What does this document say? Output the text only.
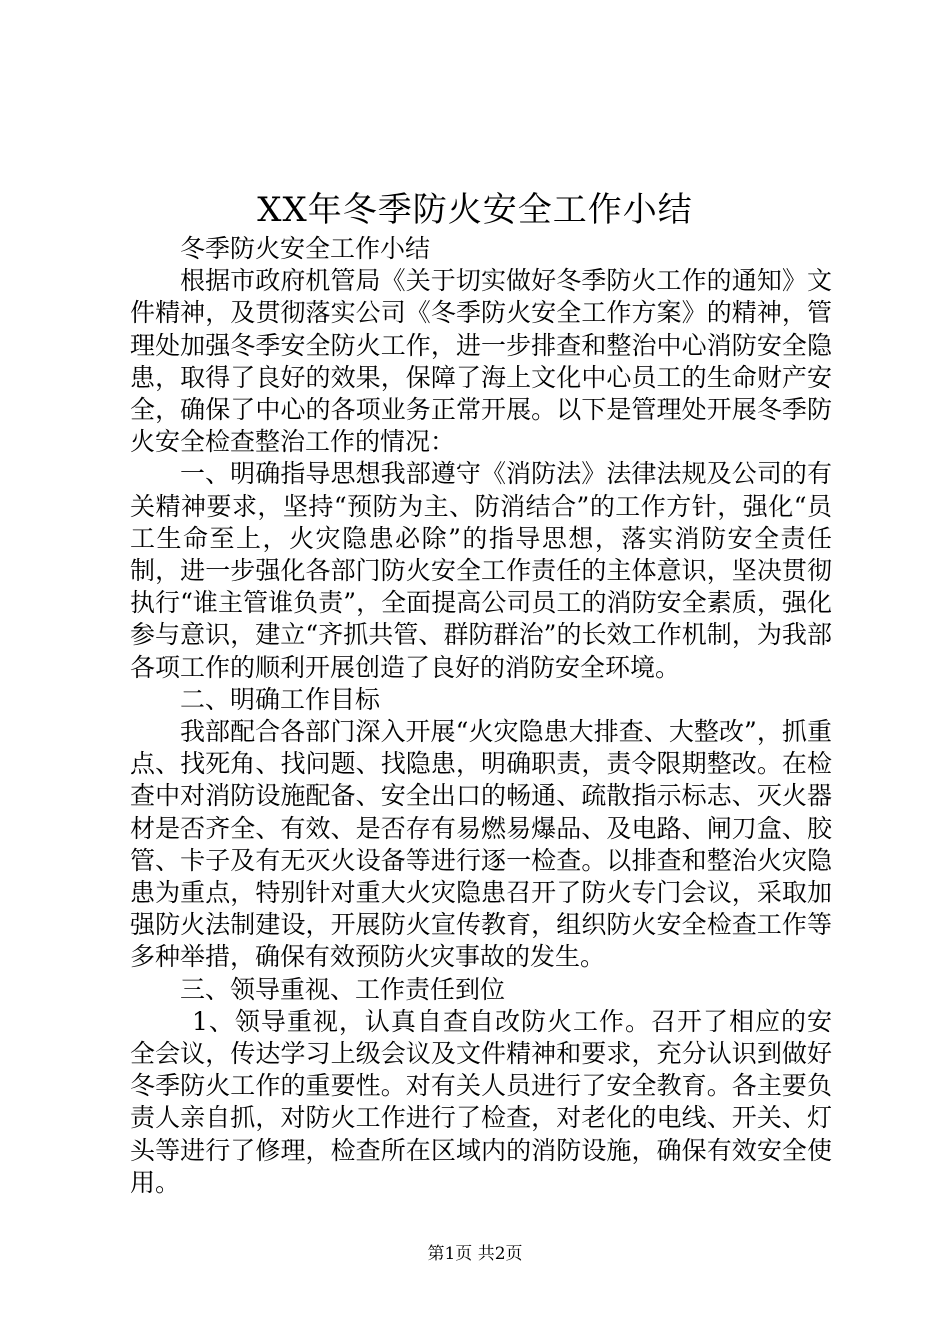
XX年冬季防火安全工作小结

冬季防火安全工作小结

根据市政府机管局《关于切实做好冬季防火工作的通知》文件精神，及贯彻落实公司《冬季防火安全工作方案》的精神，管理处加强冬季安全防火工作，进一步排查和整治中心消防安全隐患，取得了良好的效果，保障了海上文化中心员工的生命财产安全，确保了中心的各项业务正常开展。以下是管理处开展冬季防火安全检查整治工作的情况：

一、明确指导思想我部遵守《消防法》法律法规及公司的有关精神要求，坚持“预防为主、防消结合”的工作方针，强化“员工生命至上，火灾隐患必除”的指导思想，落实消防安全责任制，进一步强化各部门防火安全工作责任的主体意识，坚决贯彻执行“谁主管谁负责”，全面提高公司员工的消防安全素质，强化参与意识，建立“齐抓共管、群防群治”的长效工作机制，为我部各项工作的顺利开展创造了良好的消防安全环境。

二、明确工作目标

我部配合各部门深入开展“火灾隐患大排查、大整改”，抓重点、找死角、找问题、找隐患，明确职责，责令限期整改。在检查中对消防设施配备、安全出口的畅通、疏散指示标志、灭火器材是否齐全、有效、是否存有易燃易爆品、及电路、闸刀盒、胶管、卡子及有无灭火设备等进行逐一检查。以排查和整治火灾隐患为重点，特别针对重大火灾隐患召开了防火专门会议，采取加强防火法制建设，开展防火宣传教育，组织防火安全检查工作等多种举措，确保有效预防火灾事故的发生。

三、领导重视、工作责任到位

1、领导重视，认真自查自改防火工作。召开了相应的安全会议，传达学习上级会议及文件精神和要求，充分认识到做好冬季防火工作的重要性。对有关人员进行了安全教育。各主要负责人亲自抓，对防火工作进行了检查，对老化的电线、开关、灯头等进行了修理，检查所在区域内的消防设施，确保有效安全使用。

第1页 共2页
